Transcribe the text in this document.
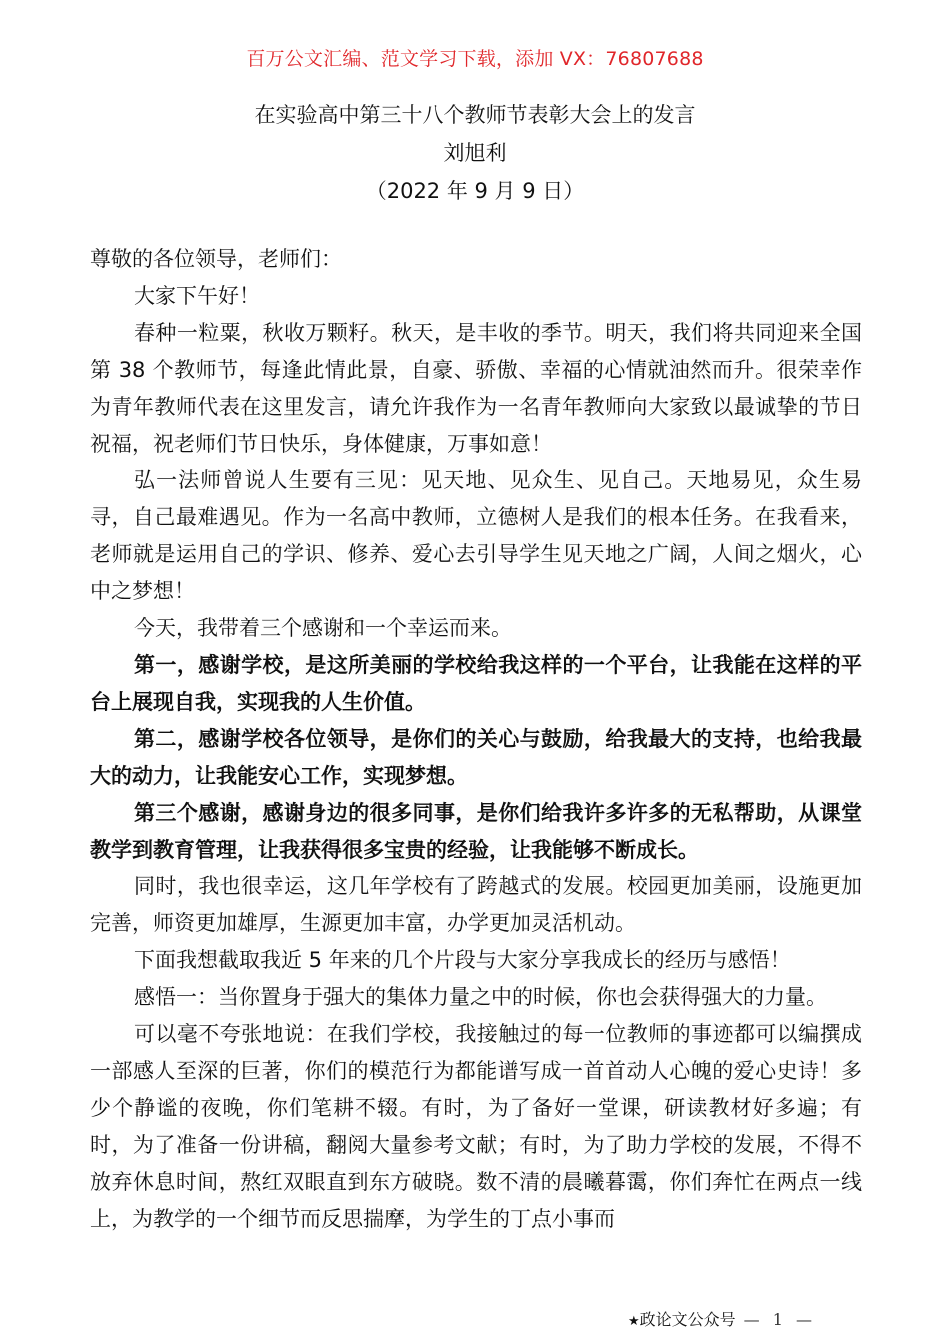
百万公文汇编、范文学习下载，添加 VX：76807688
在实验高中第三十八个教师节表彰大会上的发言
刘旭利
（2022 年 9 月 9 日）

尊敬的各位领导，老师们：

大家下午好！

春种一粒粟，秋收万颗籽。秋天，是丰收的季节。明天，我们将共同迎来全国第 38 个教师节，每逢此情此景，自豪、骄傲、幸福的心情就油然而升。很荣幸作为青年教师代表在这里发言，请允许我作为一名青年教师向大家致以最诚挚的节日祝福，祝老师们节日快乐，身体健康，万事如意！

弘一法师曾说人生要有三见：见天地、见众生、见自己。天地易见，众生易寻，自己最难遇见。作为一名高中教师，立德树人是我们的根本任务。在我看来，老师就是运用自己的学识、修养、爱心去引导学生见天地之广阔，人间之烟火，心中之梦想！

今天，我带着三个感谢和一个幸运而来。

第一，感谢学校，是这所美丽的学校给我这样的一个平台，让我能在这样的平台上展现自我，实现我的人生价值。

第二，感谢学校各位领导，是你们的关心与鼓励，给我最大的支持，也给我最大的动力，让我能安心工作，实现梦想。

第三个感谢，感谢身边的很多同事，是你们给我许多许多的无私帮助，从课堂教学到教育管理，让我获得很多宝贵的经验，让我能够不断成长。

同时，我也很幸运，这几年学校有了跨越式的发展。校园更加美丽，设施更加完善，师资更加雄厚，生源更加丰富，办学更加灵活机动。

下面我想截取我近 5 年来的几个片段与大家分享我成长的经历与感悟！

感悟一：当你置身于强大的集体力量之中的时候，你也会获得强大的力量。

可以毫不夸张地说：在我们学校，我接触过的每一位教师的事迹都可以编撰成一部感人至深的巨著，你们的模范行为都能谱写成一首首动人心魄的爱心史诗！多少个静谧的夜晚，你们笔耕不辍。有时，为了备好一堂课，研读教材好多遍；有时，为了准备一份讲稿，翻阅大量参考文献；有时，为了助力学校的发展，不得不放弃休息时间，熬红双眼直到东方破晓。数不清的晨曦暮霭，你们奔忙在两点一线上，为教学的一个细节而反思揣摩，为学生的丁点小事而

★政论文公众号 — 1 —
